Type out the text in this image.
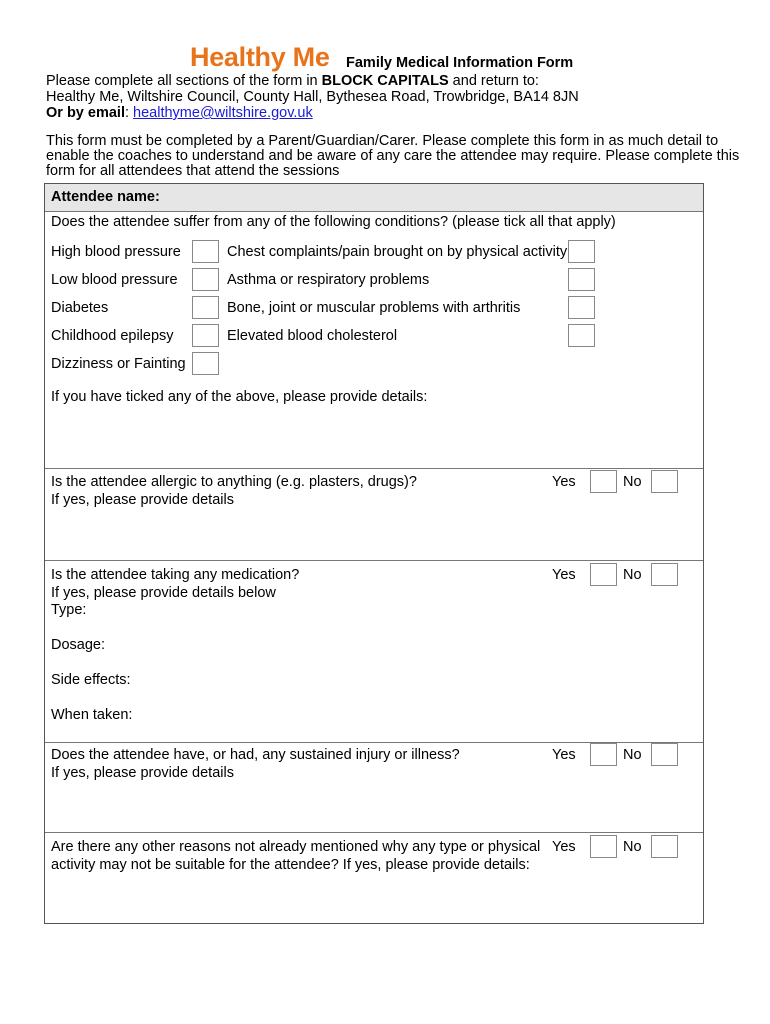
Healthy Me Family Medical Information Form
Please complete all sections of the form in BLOCK CAPITALS and return to:
Healthy Me, Wiltshire Council, County Hall, Bythesea Road, Trowbridge, BA14 8JN
Or by email: healthyme@wiltshire.gov.uk
This form must be completed by a Parent/Guardian/Carer. Please complete this form in as much detail to
enable the coaches to understand and be aware of any care the attendee may require. Please complete this
form for all attendees that attend the sessions
Attendee name:
Does the attendee suffer from any of the following conditions? (please tick all that apply)
High blood pressure	Chest complaints/pain brought on by physical activity
Low blood pressure	Asthma or respiratory problems
Diabetes	Bone, joint or muscular problems with arthritis
Childhood epilepsy	Elevated blood cholesterol
Dizziness or Fainting
If you have ticked any of the above, please provide details:
Is the attendee allergic to anything (e.g. plasters, drugs)?
If yes, please provide details
Yes	No
Is the attendee taking any medication?
If yes, please provide details below
Type:
Dosage:
Side effects:
When taken:
Yes	No
Does the attendee have, or had, any sustained injury or illness?
If yes, please provide details
Yes	No
Are there any other reasons not already mentioned why any type or physical
activity may not be suitable for the attendee? If yes, please provide details:
Yes	No
